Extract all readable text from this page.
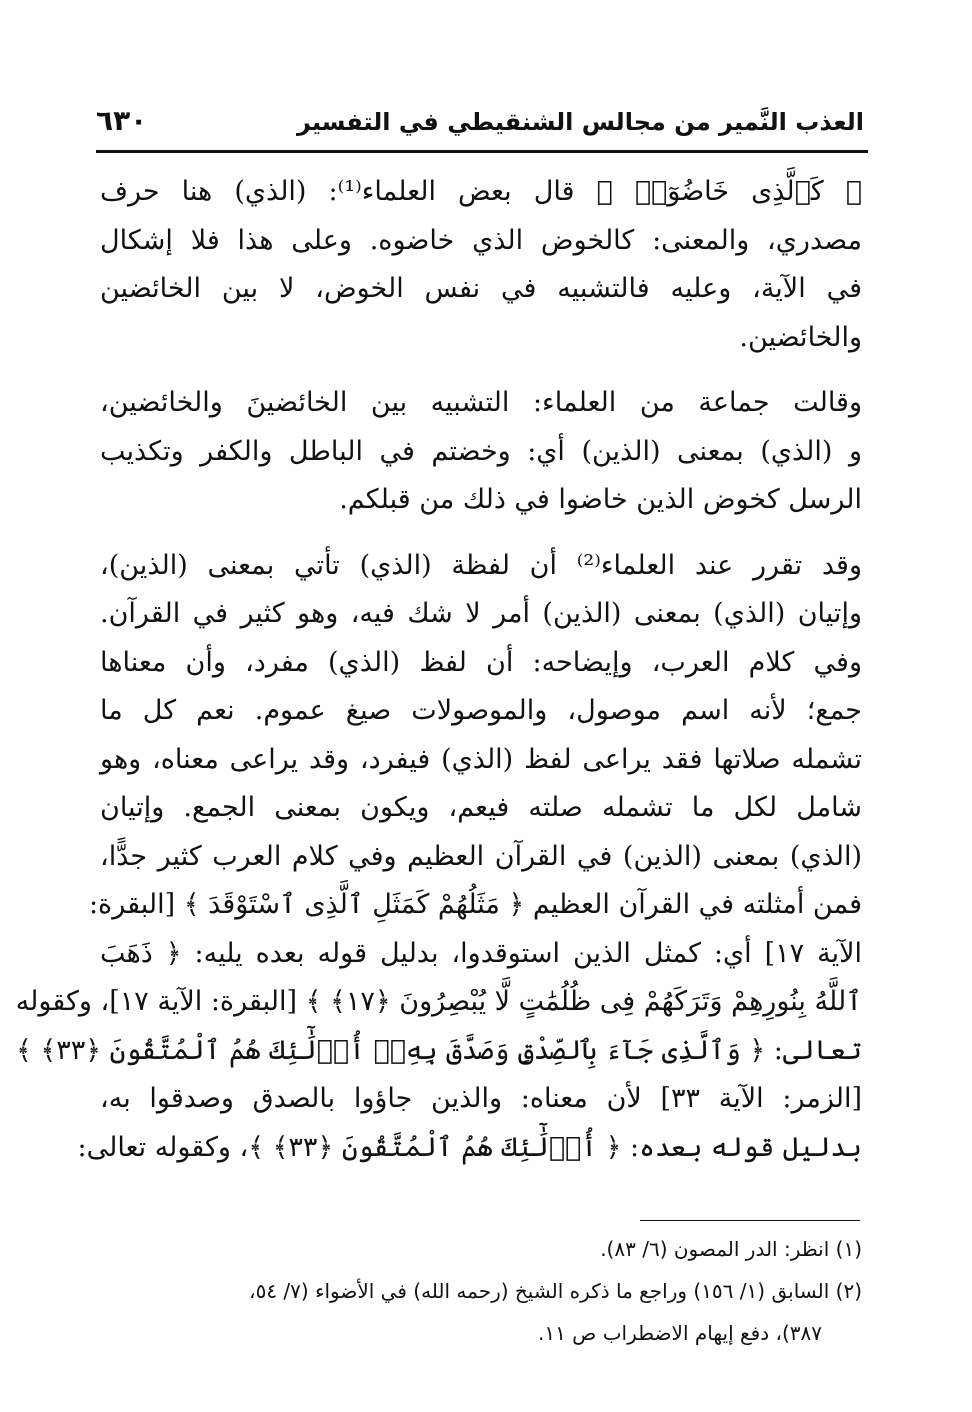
العذب النَّمير من مجالس الشنقيطي في التفسير
٦٣٠
﴿ كَٱلَّذِى خَاضُوٓا۟ ﴾ قال بعض العلماء⁽¹⁾: (الذي) هنا حرف
مصدري، والمعنى: كالخوض الذي خاضوه. وعلى هذا فلا إشكال
في الآية، وعليه فالتشبيه في نفس الخوض، لا بين الخائضين
والخائضين.
وقالت جماعة من العلماء: التشبيه بين الخائضينَ والخائضين،
و (الذي) بمعنى (الذين) أي: وخضتم في الباطل والكفر وتكذيب
الرسل كخوض الذين خاضوا في ذلك من قبلكم.
وقد تقرر عند العلماء⁽²⁾ أن لفظة (الذي) تأتي بمعنى (الذين)،
وإتيان (الذي) بمعنى (الذين) أمر لا شك فيه، وهو كثير في القرآن.
وفي كلام العرب، وإيضاحه: أن لفظ (الذي) مفرد، وأن معناها
جمع؛ لأنه اسم موصول، والموصولات صيغ عموم. نعم كل ما
تشمله صلاتها فقد يراعى لفظ (الذي) فيفرد، وقد يراعى معناه، وهو
شامل لكل ما تشمله صلته فيعم، ويكون بمعنى الجمع. وإتيان
(الذي) بمعنى (الذين) في القرآن العظيم وفي كلام العرب كثير جدًّا،
فمن أمثلته في القرآن العظيم ﴿ مَثَلُهُمْ كَمَثَلِ ٱلَّذِى ٱسْتَوْقَدَ ﴾ [البقرة:
الآية ١٧] أي: كمثل الذين استوقدوا، بدليل قوله بعده يليه: ﴿ ذَهَبَ
ٱللَّهُ بِنُورِهِمْ وَتَرَكَهُمْ فِى ظُلُمَٰتٍ لَّا يُبْصِرُونَ ﴿١٧﴾ ﴾ [البقرة: الآية ١٧]، وكقوله
تعالى: ﴿ وَٱلَّذِى جَآءَ بِٱلصِّدْقِ وَصَدَّقَ بِهِۦٓ أُو۟لَٰٓئِكَ هُمُ ٱلْمُتَّقُونَ ﴿٣٣﴾ ﴾
[الزمر: الآية ٣٣] لأن معناه: والذين جاؤوا بالصدق وصدقوا به،
بدليل قوله بعده: ﴿ أُو۟لَٰٓئِكَ هُمُ ٱلْمُتَّقُونَ ﴿٣٣﴾ ﴾، وكقوله تعالى:
(١) انظر: الدر المصون (٦/ ٨٣).
(٢) السابق (١/ ١٥٦) وراجع ما ذكره الشيخ (رحمه الله) في الأضواء (٧/ ٥٤،
٣٨٧)، دفع إيهام الاضطراب ص ١١.
